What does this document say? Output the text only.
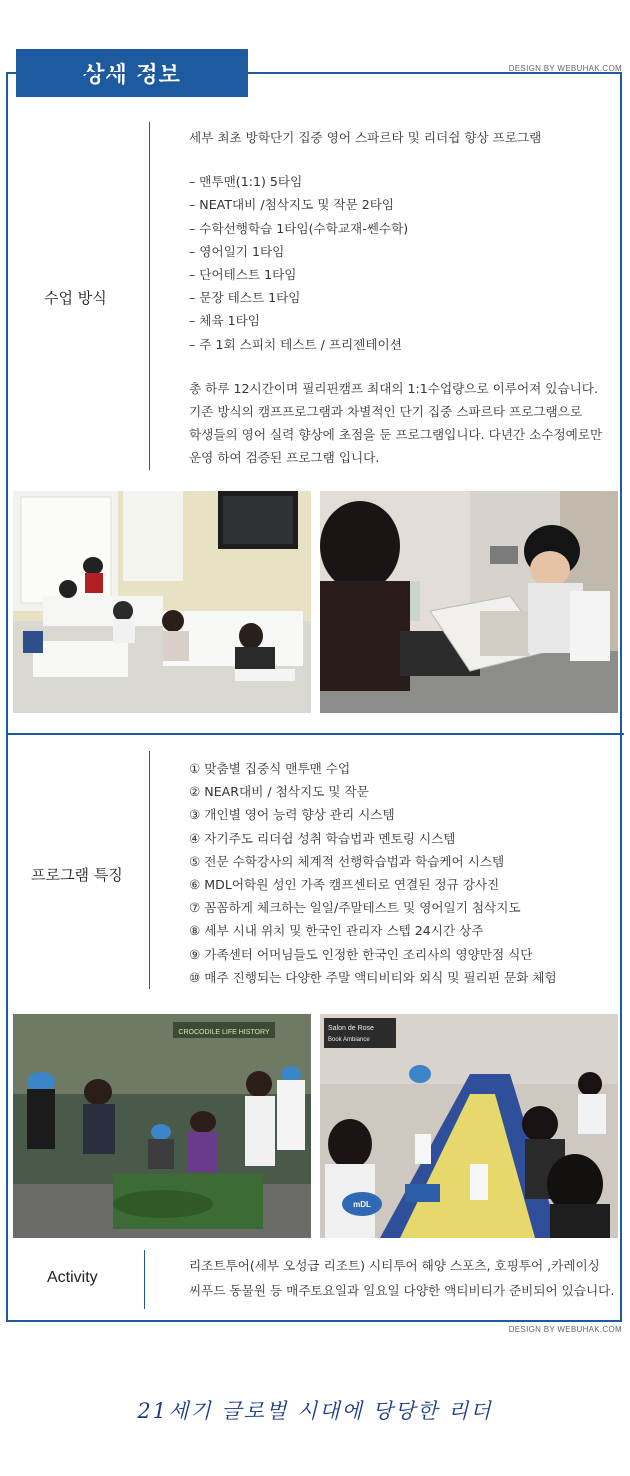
상세 정보	DESIGN BY WEBUHAK.COM
수업 방식

세부 최초 방학단기 집중 영어 스파르타 및 리더쉽 향상 프로그램

– 맨투맨(1:1) 5타임

– NEAT대비 /첨삭지도 및 작문 2타임

– 수학선행학습 1타임(수학교재-쎈수학)

– 영어일기 1타임

– 단어테스트 1타임

– 문장 테스트 1타임

– 체육 1타임

– 주 1회 스피치 테스트 / 프리젠테이션

총 하루 12시간이며 필리핀캠프 최대의 1:1수업량으로 이루어져 있습니다.

기존 방식의 캠프프로그램과 차별적인 단기 집중 스파르타 프로그램으로

학생들의 영어 실력 향상에 초점을 둔 프로그램입니다. 다년간 소수정예로만

운영 하여 검증된 프로그램 입니다.

프로그램 특징

① 맞춤별 집중식 맨투맨 수업

② NEAR대비 / 첨삭지도 및 작문

③ 개인별 영어 능력 향상 관리 시스템

④ 자기주도 리더쉽 성취 학습법과 멘토링 시스템

⑤ 전문 수학강사의 체계적 선행학습법과 학습케어 시스템

⑥ MDL어학원 성인 가족 캠프센터로 연결된 정규 강사진

⑦ 꼼꼼하게 체크하는 일일/주말테스트 및 영어일기 첨삭지도

⑧ 세부 시내 위치 및 한국인 관리자 스텝 24시간 상주

⑨ 가족센터 어머님들도 인정한 한국인 조리사의 영양만점 식단

⑩ 매주 진행되는 다양한 주말 액티비티와 외식 및 필리핀 문화 체험

CROCODILE LIFE HISTORY
Salon de Rose
Book Ambiance
mDL
Activity

리조트투어(세부 오성급 리조트) 시티투어 해양 스포츠, 호핑투어 ,카레이싱

씨푸드 동물원 등 매주토요일과 일요일 다양한 액티비티가 준비되어 있습니다.

DESIGN BY WEBUHAK.COM
21세기 글로벌 시대에 당당한 리더
